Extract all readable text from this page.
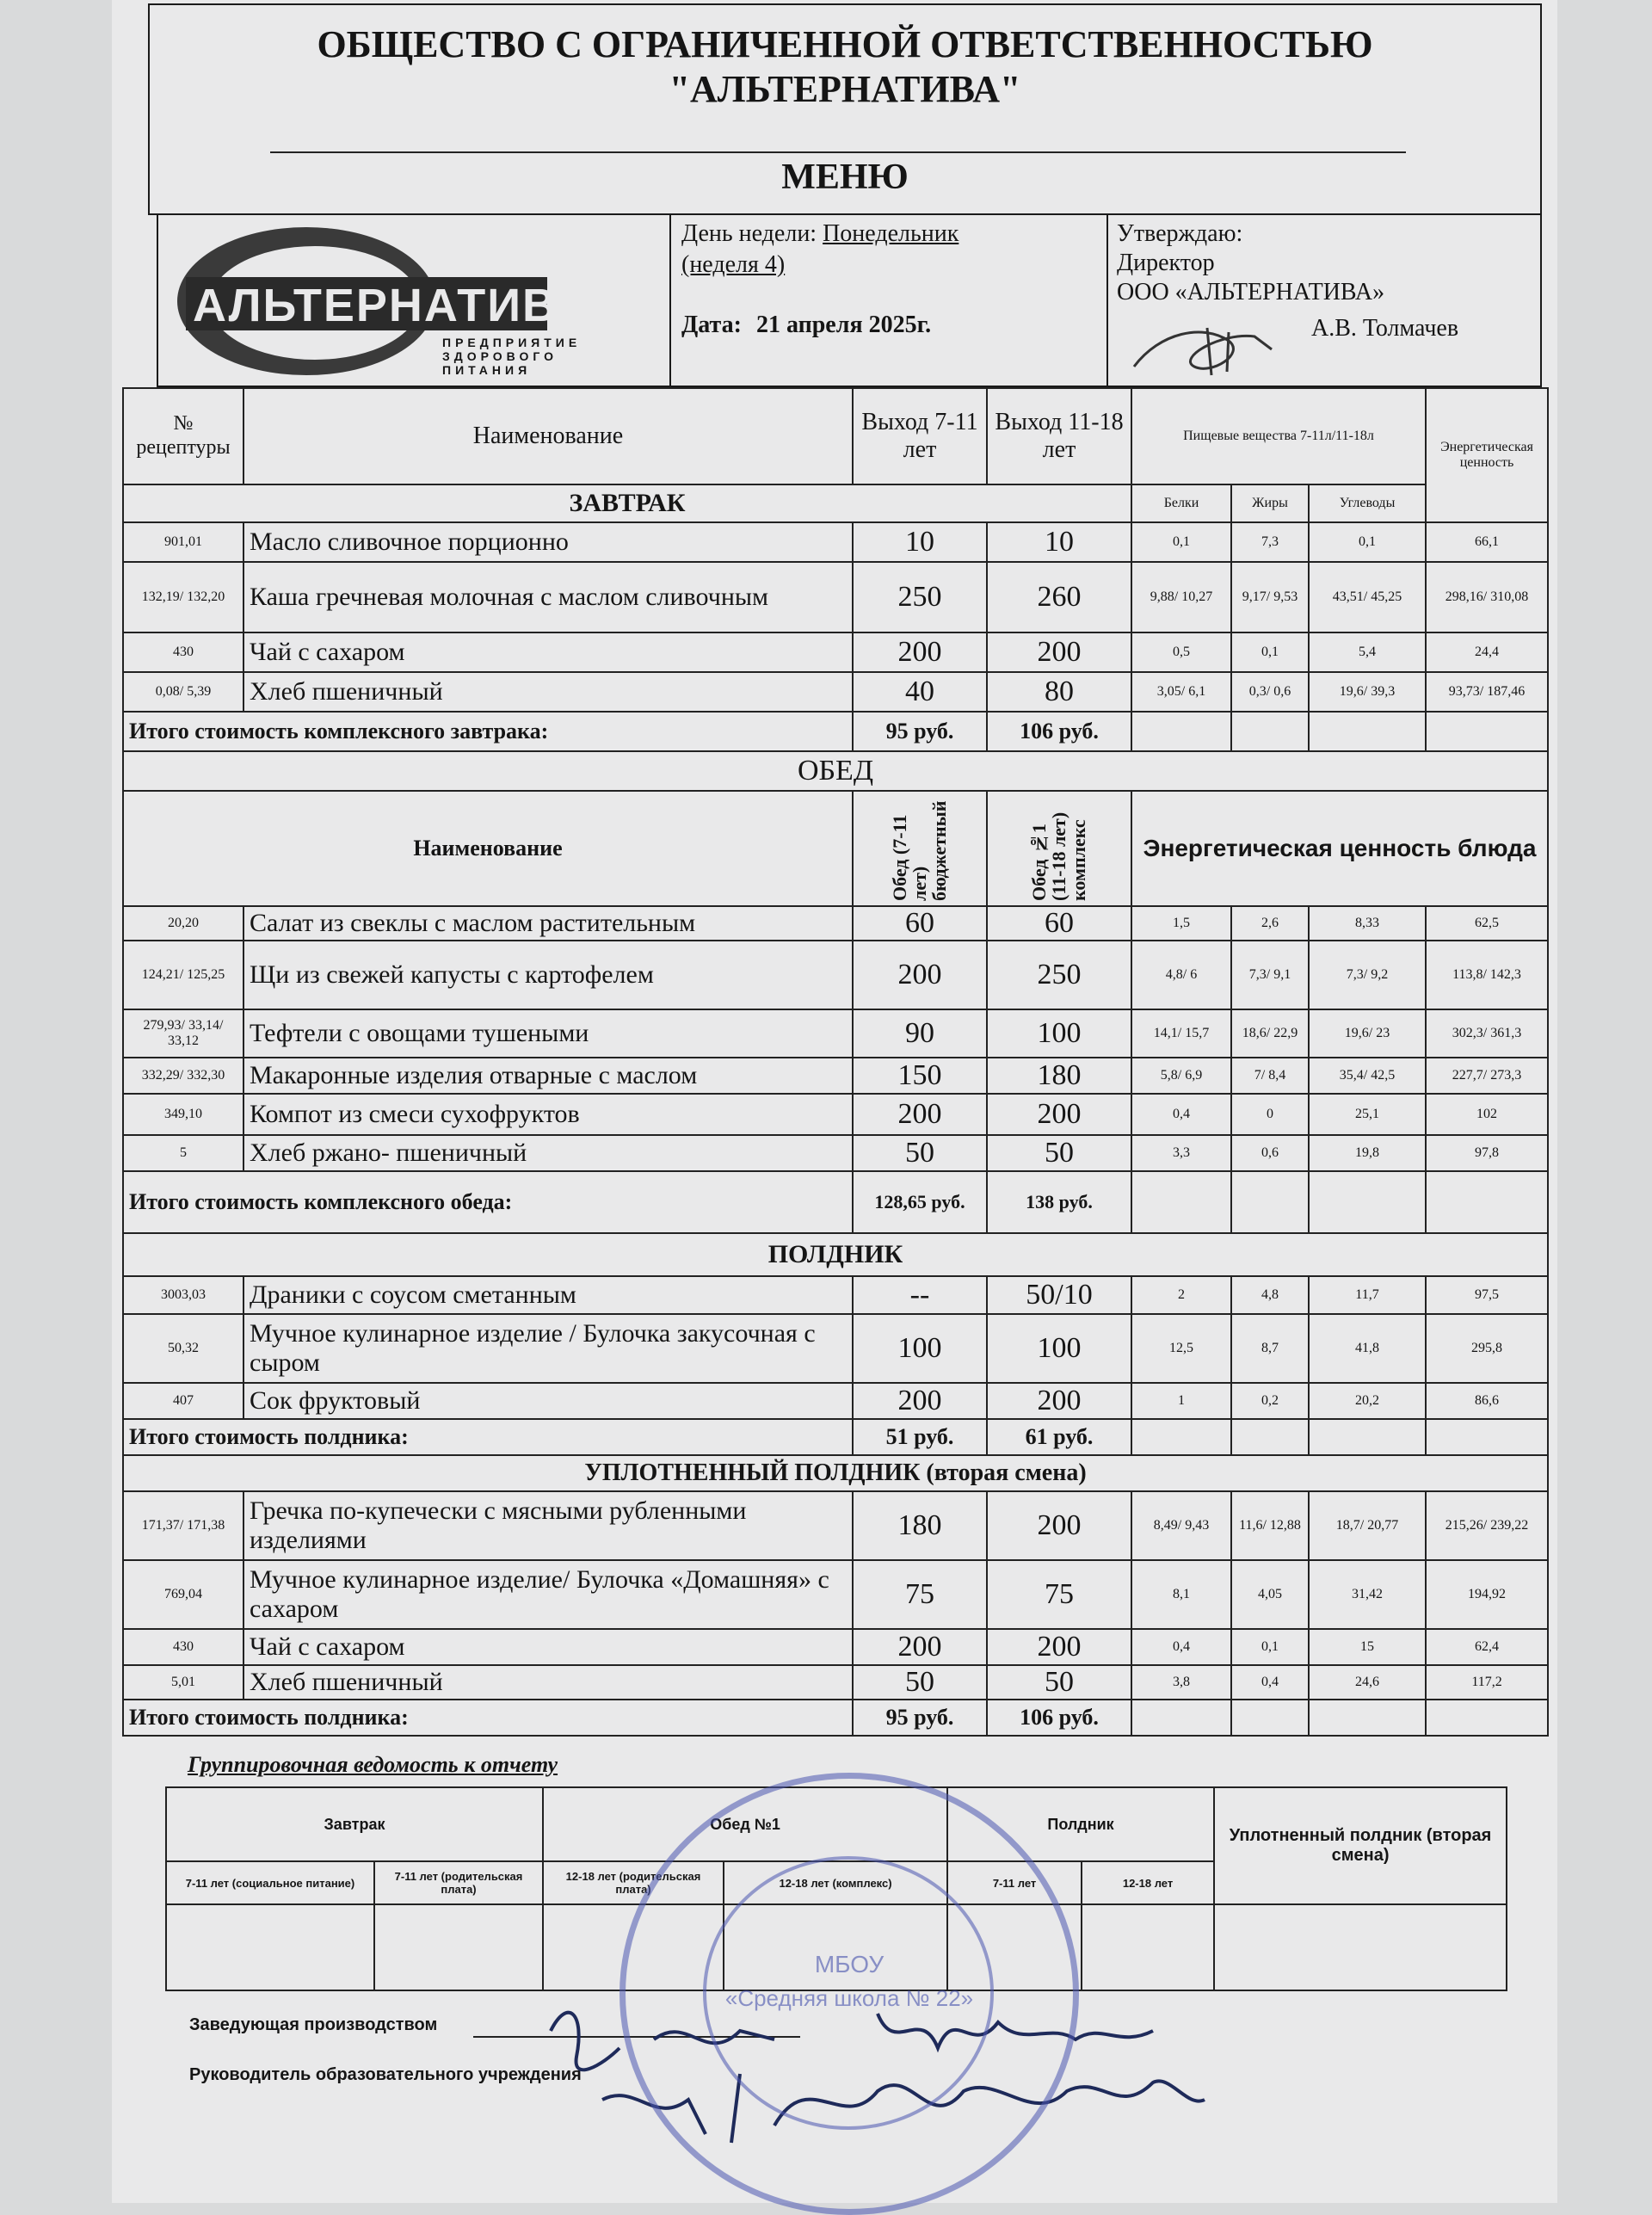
ОБЩЕСТВО С ОГРАНИЧЕННОЙ ОТВЕТСТВЕННОСТЬЮ
"АЛЬТЕРНАТИВА"
МЕНЮ
АЛЬТЕРНАТИВА
ПРЕДПРИЯТИЕ
ЗДОРОВОГО
ПИТАНИЯ
День недели: Понедельник
(неделя 4)
Дата: 21 апреля 2025г.
Утверждаю:
Директор
ООО «АЛЬТЕРНАТИВА»
А.В. Толмачев
№ рецептуры	Наименование	Выход 7-11 лет	Выход 11-18 лет	Пищевые вещества 7-11л/11-18л			Энергетическая ценность
ЗАВТРАК				Белки	Жиры	Углеводы	
901,01	Масло сливочное порционно	10	10	0,1	7,3	0,1	66,1
132,19/ 132,20	Каша гречневая молочная с маслом сливочным	250	260	9,88/ 10,27	9,17/ 9,53	43,51/ 45,25	298,16/ 310,08
430	Чай с сахаром	200	200	0,5	0,1	5,4	24,4
0,08/ 5,39	Хлеб пшеничный	40	80	3,05/ 6,1	0,3/ 0,6	19,6/ 39,3	93,73/ 187,46
Итого стоимость комплексного завтрака:		95 руб.	106 руб.				
ОБЕД							
Наименование		Обед (7-11 лет) бюджетный	Обед №1 (11-18 лет) комплекс	Энергетическая ценность блюда			
20,20	Салат из свеклы с маслом растительным	60	60	1,5	2,6	8,33	62,5
124,21/ 125,25	Щи из свежей капусты с картофелем	200	250	4,8/ 6	7,3/ 9,1	7,3/ 9,2	113,8/ 142,3
279,93/ 33,14/ 33,12	Тефтели с овощами тушеными	90	100	14,1/ 15,7	18,6/ 22,9	19,6/ 23	302,3/ 361,3
332,29/ 332,30	Макаронные изделия отварные с маслом	150	180	5,8/ 6,9	7/ 8,4	35,4/ 42,5	227,7/ 273,3
349,10	Компот из смеси сухофруктов	200	200	0,4	0	25,1	102
5	Хлеб ржано- пшеничный	50	50	3,3	0,6	19,8	97,8
Итого стоимость комплексного обеда:		128,65 руб.	138 руб.				
ПОЛДНИК							
3003,03	Драники с соусом сметанным	--	50/10	2	4,8	11,7	97,5
50,32	Мучное кулинарное изделие / Булочка закусочная с сыром	100	100	12,5	8,7	41,8	295,8
407	Сок фруктовый	200	200	1	0,2	20,2	86,6
Итого стоимость полдника:		51 руб.	61 руб.				
УПЛОТНЕННЫЙ ПОЛДНИК (вторая смена)							
171,37/ 171,38	Гречка по-купечески с мясными рубленными изделиями	180	200	8,49/ 9,43	11,6/ 12,88	18,7/ 20,77	215,26/ 239,22
769,04	Мучное кулинарное изделие/ Булочка «Домашняя» с сахаром	75	75	8,1	4,05	31,42	194,92
430	Чай с сахаром	200	200	0,4	0,1	15	62,4
5,01	Хлеб пшеничный	50	50	3,8	0,4	24,6	117,2
Итого стоимость полдника:		95 руб.	106 руб.				
Группировочная ведомость к отчету
Завтрак		Обед №1		Полдник		Уплотненный полдник (вторая смена)
7-11 лет (социальное питание)	7-11 лет (родительская плата)	12-18 лет (родительская плата)	12-18 лет (комплекс)	7-11 лет	12-18 лет	

Заведующая производством
Руководитель образовательного учреждения
МБОУ
«Средняя школа № 22»
